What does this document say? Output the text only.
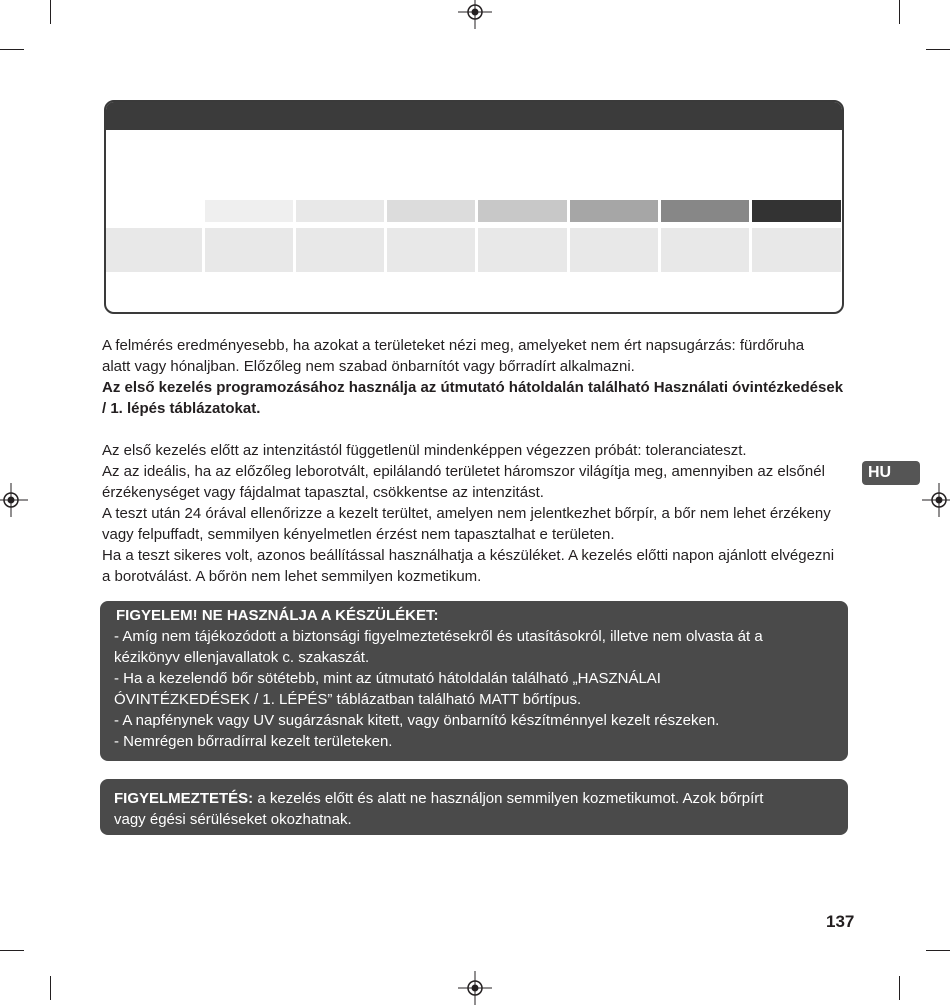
A felmérés eredményesebb, ha azokat a területeket nézi meg, amelyeket nem ért napsugárzás: fürdőruha

alatt vagy hónaljban. Előzőleg nem szabad önbarnítót vagy bőrradírt alkalmazni.

Az első kezelés programozásához használja az útmutató hátoldalán található Használati óvintézkedések

/ 1. lépés táblázatokat.

Az első kezelés előtt az intenzitástól függetlenül mindenképpen végezzen próbát: toleranciateszt.

Az az ideális, ha az előzőleg leborotvált, epilálandó területet háromszor világítja meg, amennyiben az elsőnél

érzékenységet vagy fájdalmat tapasztal, csökkentse az intenzitást.

A teszt után 24 órával ellenőrizze a kezelt terültet, amelyen nem jelentkezhet bőrpír, a bőr nem lehet érzékeny

vagy felpuffadt, semmilyen kényelmetlen érzést nem tapasztalhat e területen.

Ha a teszt sikeres volt, azonos beállítással használhatja a készüléket. A kezelés előtti napon ajánlott elvégezni

a borotválást. A bőrön nem lehet semmilyen kozmetikum.

HU

FIGYELEM! NE HASZNÁLJA A KÉSZÜLÉKET:

- Amíg nem tájékozódott a biztonsági figyelmeztetésekről és utasításokról, illetve nem olvasta át a

kézikönyv ellenjavallatok c. szakaszát.

- Ha a kezelendő bőr sötétebb, mint az útmutató hátoldalán található „HASZNÁLAI

ÓVINTÉZKEDÉSEK / 1. LÉPÉS” táblázatban található MATT bőrtípus.

- A napfénynek vagy UV sugárzásnak kitett, vagy önbarnító készítménnyel kezelt részeken.

- Nemrégen bőrradírral kezelt területeken.

FIGYELMEZTETÉS: a kezelés előtt és alatt ne használjon semmilyen kozmetikumot. Azok bőrpírt

vagy égési sérüléseket okozhatnak.

137
